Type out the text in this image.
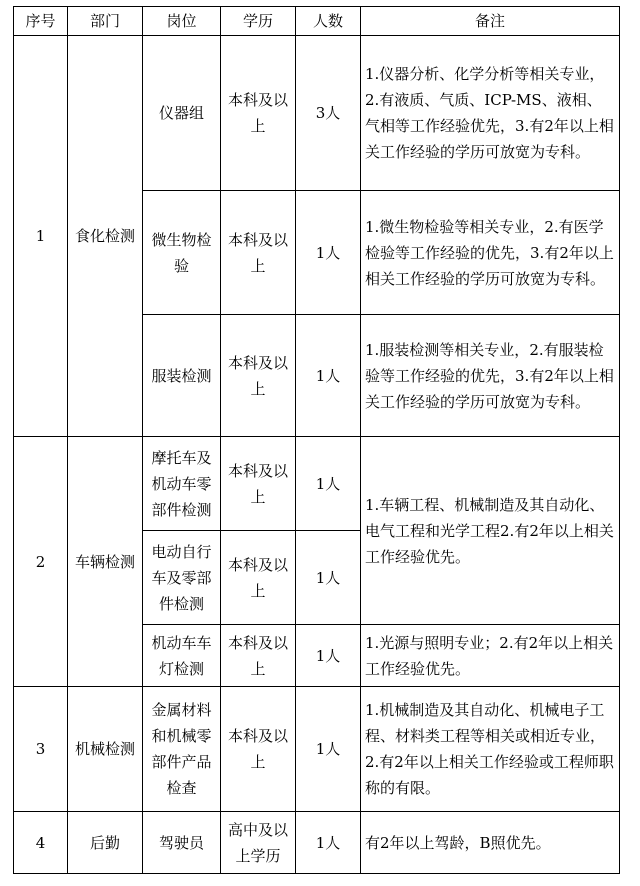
序号	部门	岗位	学历	人数	备注
1	食化检测	仪器组	本科及以上	3人	1.仪器分析、化学分析等相关专业，2.有液质、气质、ICP-MS、液相、气相等工作经验优先，3.有2年以上相关工作经验的学历可放宽为专科。
		微生物检验	本科及以上	1人	1.微生物检验等相关专业，2.有医学检验等工作经验的优先，3.有2年以上相关工作经验的学历可放宽为专科。
		服装检测	本科及以上	1人	1.服装检测等相关专业，2.有服装检验等工作经验的优先，3.有2年以上相关工作经验的学历可放宽为专科。
2	车辆检测	摩托车及机动车零部件检测	本科及以上	1人	1.车辆工程、机械制造及其自动化、电气工程和光学工程2.有2年以上相关工作经验优先。
		电动自行车及零部件检测	本科及以上	1人	
		机动车车灯检测	本科及以上	1人	1.光源与照明专业；2.有2年以上相关工作经验优先。
3	机械检测	金属材料和机械零部件产品检查	本科及以上	1人	1.机械制造及其自动化、机械电子工程、材料类工程等相关或相近专业，2.有2年以上相关工作经验或工程师职称的有限。
4	后勤	驾驶员	高中及以上学历	1人	有2年以上驾龄，B照优先。
